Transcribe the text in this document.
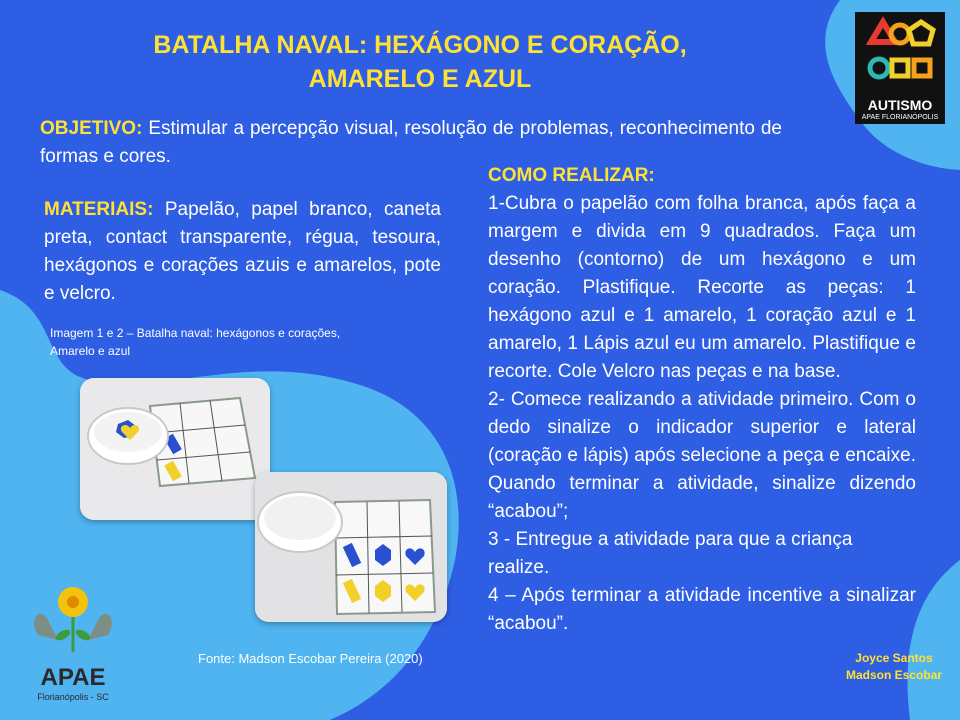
BATALHA NAVAL: HEXÁGONO E CORAÇÃO,
AMARELO E AZUL
OBJETIVO: Estimular a percepção visual, resolução de problemas, reconhecimento de formas e cores.
MATERIAIS: Papelão, papel branco, caneta preta, contact transparente, régua, tesoura, hexágonos e corações azuis e amarelos, pote e velcro.
COMO REALIZAR:
1-Cubra o papelão com folha branca, após faça a margem e divida em 9 quadrados. Faça um desenho (contorno) de um hexágono e um coração. Plastifique. Recorte as peças: 1 hexágono azul e 1 amarelo, 1 coração azul e 1 amarelo, 1 Lápis azul eu um amarelo. Plastifique e recorte. Cole Velcro nas peças e na base.
2- Comece realizando a atividade primeiro. Com o dedo sinalize o indicador superior e lateral (coração e lápis) após selecione a peça e encaixe. Quando terminar a atividade, sinalize dizendo “acabou”;
3 - Entregue a atividade para que a criança realize.
4 – Após terminar a atividade incentive a sinalizar “acabou”.
Imagem 1 e 2 – Batalha naval: hexágonos e corações,
Amarelo e azul
Fonte: Madson Escobar Pereira (2020)	Joyce Santos
Madson Escobar
AUTISMO
APAE FLORIANÓPOLIS
APAE
Florianópolis - SC
